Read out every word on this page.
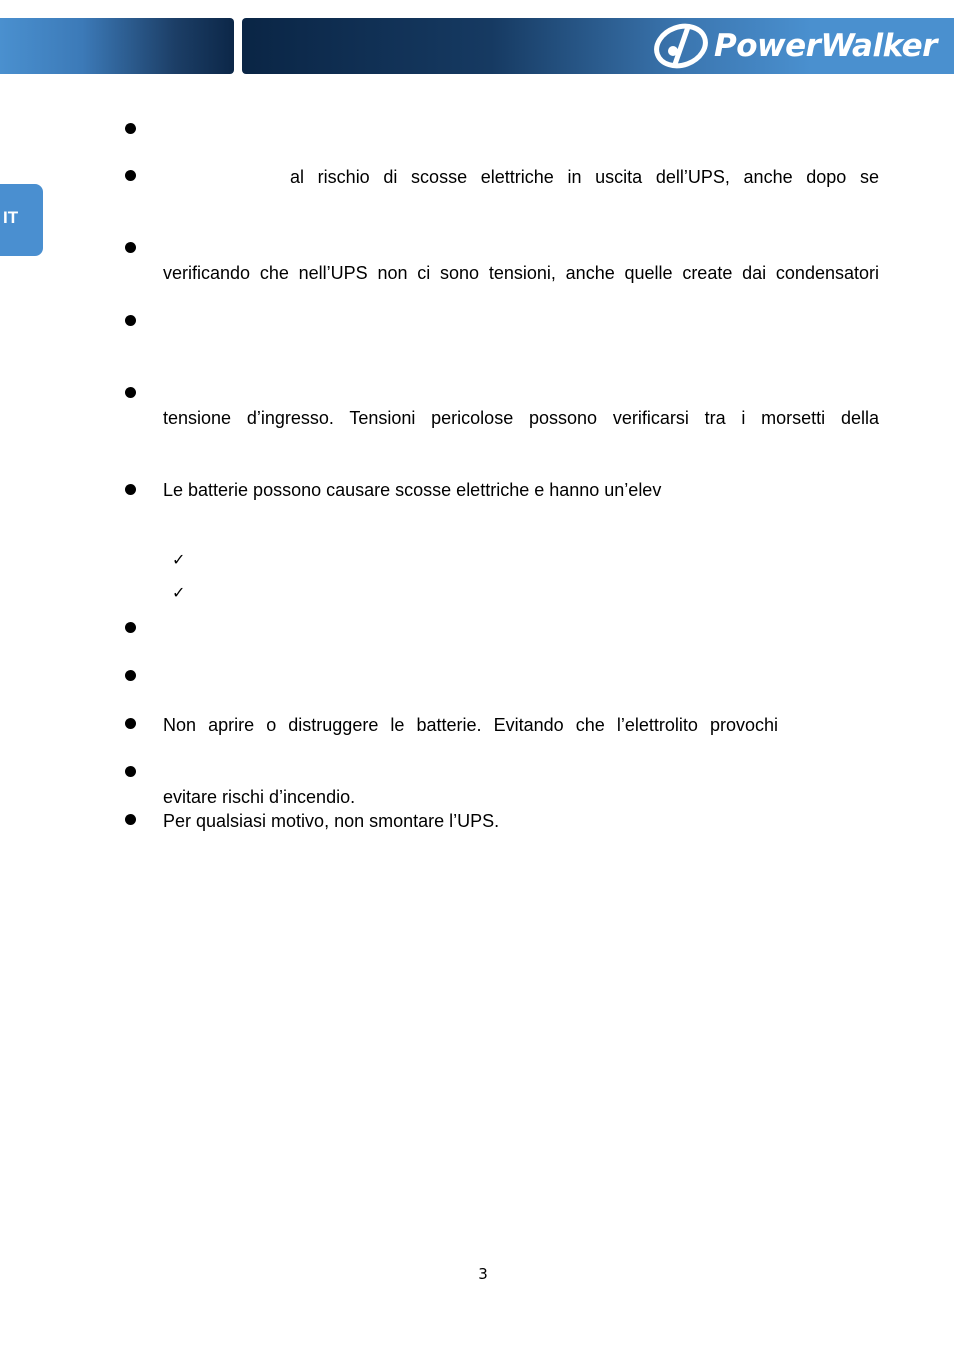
PowerWalker
IT
✓
✓
al rischio di scosse elettriche in uscita dell’UPS, anche dopo se
verificando che nell’UPS non ci sono tensioni, anche quelle create dai condensatori
tensione d’ingresso. Tensioni pericolose possono verificarsi tra i morsetti della
Le batterie possono causare scosse elettriche e hanno un’elev
Non aprire o distruggere le batterie. Evitando che l’elettrolito provochi
evitare rischi d’incendio.
Per qualsiasi motivo, non smontare l’UPS.
3
